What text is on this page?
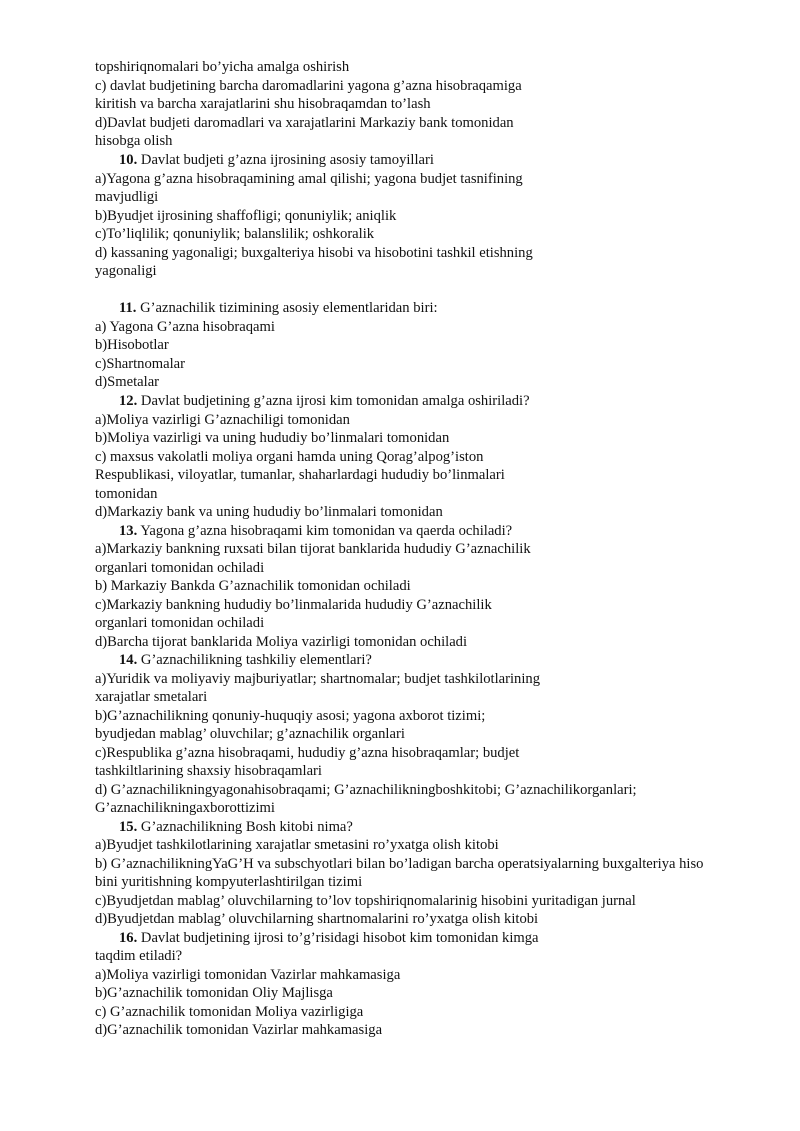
topshiriqnomalari bo’yicha amalga oshirish
c) davlat budjetining barcha daromadlarini yagona g’azna hisobraqamiga
kiritish va barcha xarajatlarini shu hisobraqamdan to’lash
d)Davlat budjeti daromadlari va xarajatlarini Markaziy bank tomonidan
hisobga olish
10. Davlat budjeti g’azna ijrosining asosiy tamoyillari
a)Yagona g’azna hisobraqamining amal qilishi; yagona budjet tasnifining
mavjudligi
b)Byudjet ijrosining shaffofligi; qonuniylik; aniqlik
c)To’liqlilik; qonuniylik; balanslilik; oshkoralik
d) kassaning yagonaligi; buxgalteriya hisobi va hisobotini tashkil etishning
yagonaligi
11. G’aznachilik tizimining asosiy elementlaridan biri:
a) Yagona G’azna hisobraqami
b)Hisobotlar
c)Shartnomalar
d)Smetalar
12. Davlat budjetining g’azna ijrosi kim tomonidan amalga oshiriladi?
a)Moliya vazirligi G’aznachiligi tomonidan
b)Moliya vazirligi va uning hududiy bo’linmalari tomonidan
c) maxsus vakolatli moliya organi hamda uning Qorag’alpog’iston
Respublikasi, viloyatlar, tumanlar, shaharlardagi hududiy bo’linmalari
tomonidan
d)Markaziy bank va uning hududiy bo’linmalari tomonidan
13. Yagona g’azna hisobraqami kim tomonidan va qaerda ochiladi?
a)Markaziy bankning ruxsati bilan tijorat banklarida hududiy G’aznachilik
organlari tomonidan ochiladi
b) Markaziy Bankda G’aznachilik tomonidan ochiladi
c)Markaziy bankning hududiy bo’linmalarida hududiy G’aznachilik
organlari tomonidan ochiladi
d)Barcha tijorat banklarida Moliya vazirligi tomonidan ochiladi
14. G’aznachilikning tashkiliy elementlari?
a)Yuridik va moliyaviy majburiyatlar; shartnomalar; budjet tashkilotlarining
xarajatlar smetalari
b)G’aznachilikning qonuniy-huquqiy asosi; yagona axborot tizimi;
byudjedan mablag’ oluvchilar; g’aznachilik organlari
c)Respublika g’azna hisobraqami, hududiy g’azna hisobraqamlar; budjet
tashkiltlarining shaxsiy hisobraqamlari
d) G’aznachilikningyagonahisobraqami; G’aznachilikningboshkitobi; G’aznachilikorganlari;
G’aznachilikningaxborottizimi
15. G’aznachilikning Bosh kitobi nima?
a)Byudjet tashkilotlarining xarajatlar smetasini ro’yxatga olish kitobi
b) G’aznachilikningYaG’H va subschyotlari bilan bo’ladigan barcha operatsiyalarning buxgalteriya hiso
bini yuritishning kompyuterlashtirilgan tizimi
c)Byudjetdan mablag’ oluvchilarning to’lov topshiriqnomalarinig hisobini yuritadigan jurnal
d)Byudjetdan mablag’ oluvchilarning shartnomalarini ro’yxatga olish kitobi
16. Davlat budjetining ijrosi to’g’risidagi hisobot kim tomonidan kimga
taqdim etiladi?
a)Moliya vazirligi tomonidan Vazirlar mahkamasiga
b)G’aznachilik tomonidan Oliy Majlisga
c) G’aznachilik tomonidan Moliya vazirligiga
d)G’aznachilik tomonidan Vazirlar mahkamasiga
